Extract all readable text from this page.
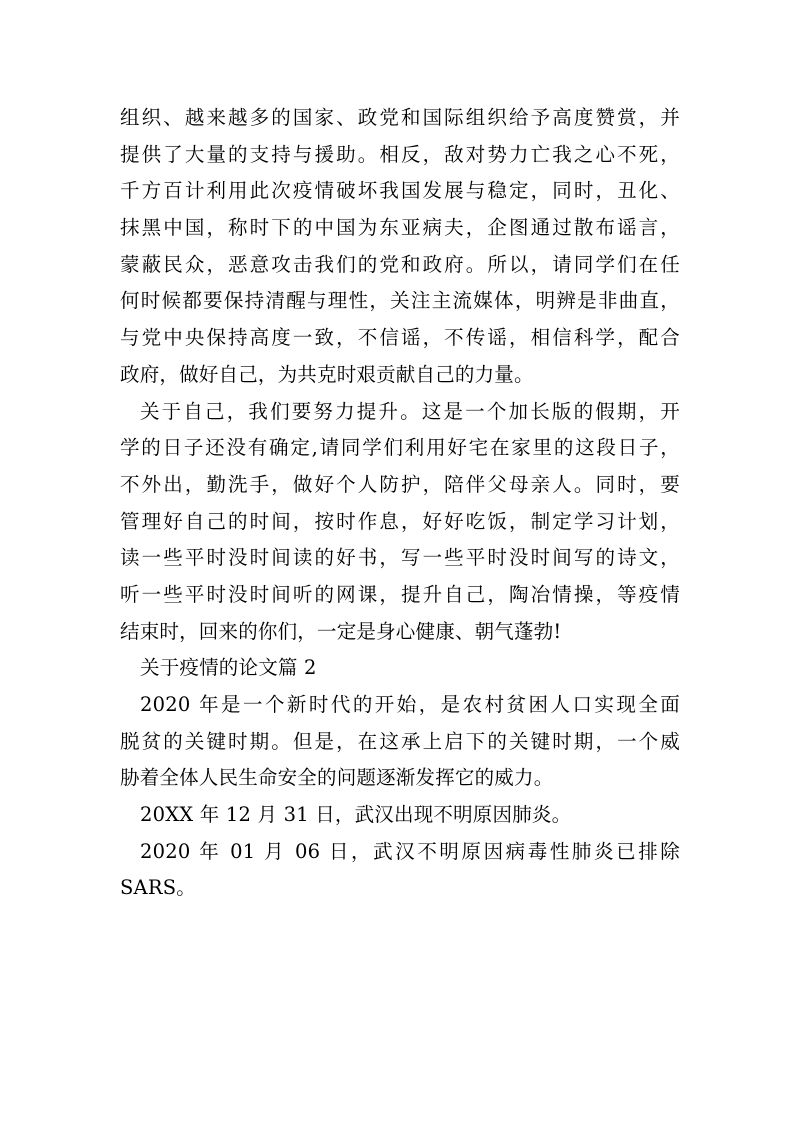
组织、越来越多的国家、政党和国际组织给予高度赞赏，并
提供了大量的支持与援助。相反，敌对势力亡我之心不死，
千方百计利用此次疫情破坏我国发展与稳定，同时，丑化、
抹黑中国，称时下的中国为东亚病夫，企图通过散布谣言，
蒙蔽民众，恶意攻击我们的党和政府。所以，请同学们在任
何时候都要保持清醒与理性，关注主流媒体，明辨是非曲直，
与党中央保持高度一致，不信谣，不传谣，相信科学，配合
政府，做好自己，为共克时艰贡献自己的力量。
关于自己，我们要努力提升。这是一个加长版的假期，开
学的日子还没有确定,请同学们利用好宅在家里的这段日子，
不外出，勤洗手，做好个人防护，陪伴父母亲人。同时，要
管理好自己的时间，按时作息，好好吃饭，制定学习计划，
读一些平时没时间读的好书，写一些平时没时间写的诗文，
听一些平时没时间听的网课，提升自己，陶冶情操，等疫情
结束时，回来的你们，一定是身心健康、朝气蓬勃!
关于疫情的论文篇 2
2020 年是一个新时代的开始，是农村贫困人口实现全面
脱贫的关键时期。但是，在这承上启下的关键时期，一个威
胁着全体人民生命安全的问题逐渐发挥它的威力。
20XX 年 12 月 31 日，武汉出现不明原因肺炎。
2020 年 01 月 06 日，武汉不明原因病毒性肺炎已排除
SARS。
